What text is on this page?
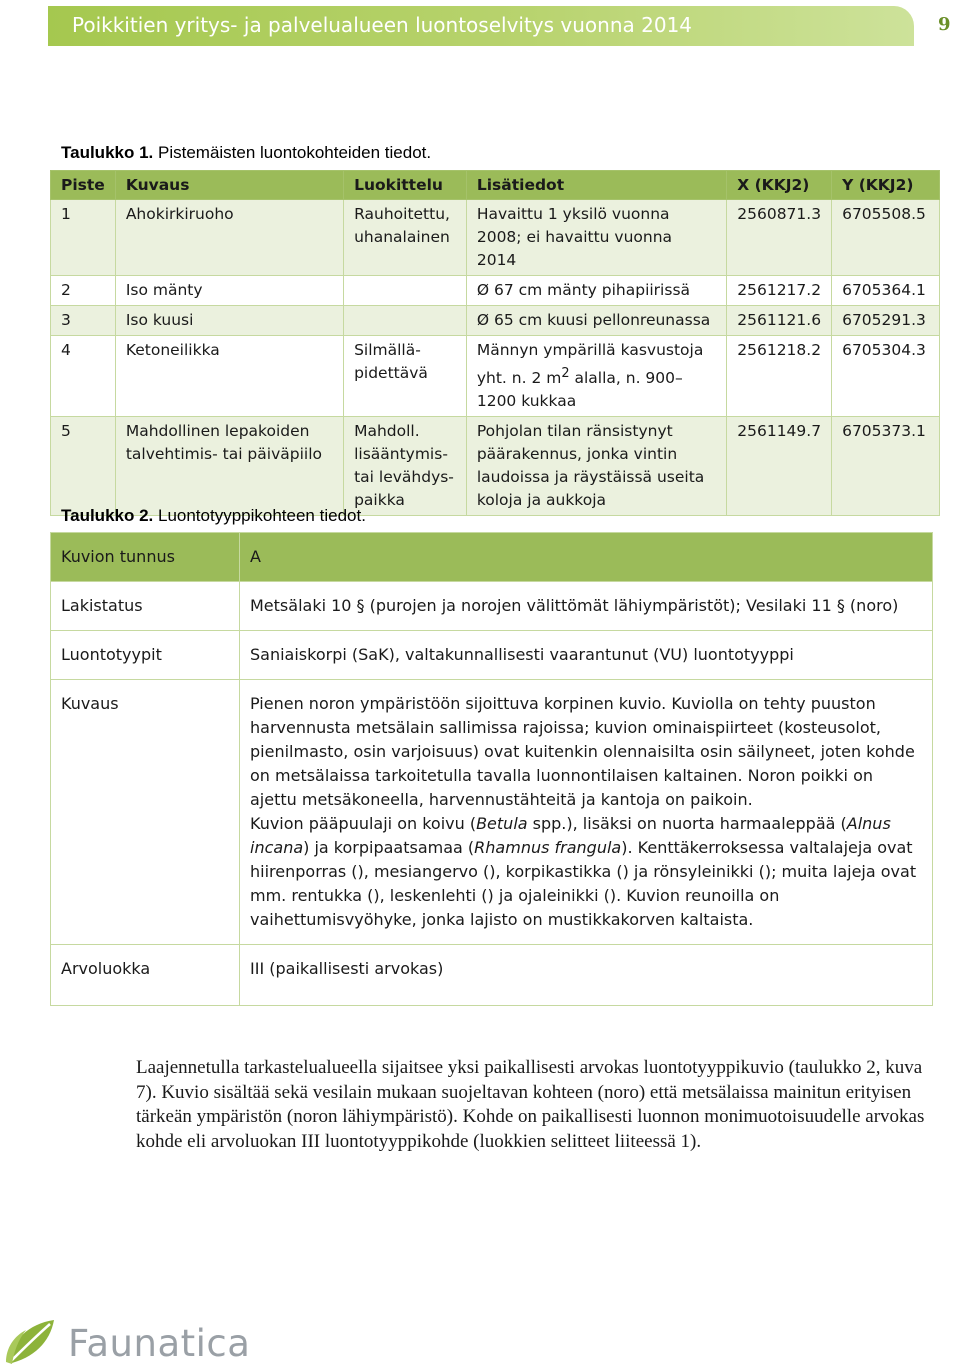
Poikkitien yritys- ja palvelualueen luontoselvitys vuonna 2014	9
Taulukko 1. Pistemäisten luontokohteiden tiedot.
Piste	Kuvaus	Luokittelu	Lisätiedot	X (KKJ2)	Y (KKJ2)
1	Ahokirkiruoho	Rauhoitettu, uhanalainen	Havaittu 1 yksilö vuonna 2008; ei havaittu vuonna 2014	2560871.3	6705508.5
2	Iso mänty		Ø 67 cm mänty pihapiirissä	2561217.2	6705364.1
3	Iso kuusi		Ø 65 cm kuusi pellonreunassa	2561121.6	6705291.3
4	Ketoneilikka	Silmällä-pidettävä	Männyn ympärillä kasvustoja yht. n. 2 $m^2$ alalla, n. 900–1200 kukkaa	2561218.2	6705304.3
5	Mahdollinen lepakoiden talvehtimis- tai päiväpiilo	Mahdoll. lisääntymis-tai levähdys-paikka	Pohjolan tilan ränsistynyt päärakennus, jonka vintin laudoissa ja räystäissä useita koloja ja aukkoja	2561149.7	6705373.1
Taulukko 2. Luontotyyppikohteen tiedot.
Kuvion tunnus	A
Lakistatus	Metsälaki 10 § (purojen ja norojen välittömät lähiympäristöt); Vesilaki 11 § (noro)
Luontotyypit	Saniaiskorpi (SaK), valtakunnallisesti vaarantunut (VU) luontotyyppi
Kuvaus	Pienen noron ympäristöön sijoittuva korpinen kuvio. Kuviolla on tehty puuston harvennusta metsälain sallimissa rajoissa; kuvion ominaispiirteet (kosteusolot, pienilmasto, osin varjoisuus) ovat kuitenkin olennaisilta osin säilyneet, joten kohde on metsälaissa tarkoitetulla tavalla luonnontilaisen kaltainen. Noron poikki on ajettu metsäkoneella, harvennustähteitä ja kantoja on paikoin.
Kuvion pääpuulaji on koivu (Betula spp.), lisäksi on nuorta harmaaleppää (Alnus incana) ja korpipaatsamaa (Rhamnus frangula). Kenttäkerroksessa valtalajeja ovat hiirenporras (), mesiangervo (), korpikastikka () ja rönsyleinikki (); muita lajeja ovat mm. rentukka (), leskenlehti () ja ojaleinikki (). Kuvion reunoilla on vaihettumisvyöhyke, jonka lajisto on mustikkakorven kaltaista.
Arvoluokka	III (paikallisesti arvokas)
Laajennetulla tarkastelualueella sijaitsee yksi paikallisesti arvokas luontotyyppikuvio (taulukko 2, kuva 7). Kuvio sisältää sekä vesilain mukaan suojeltavan kohteen (noro) että metsälaissa mainitun erityisen tärkeän ympäristön (noron lähiympäristö). Kohde on paikallisesti luonnon monimuotoisuudelle arvokas kohde eli arvoluokan III luontotyyppikohde (luokkien selitteet liiteessä 1).
Faunatica
